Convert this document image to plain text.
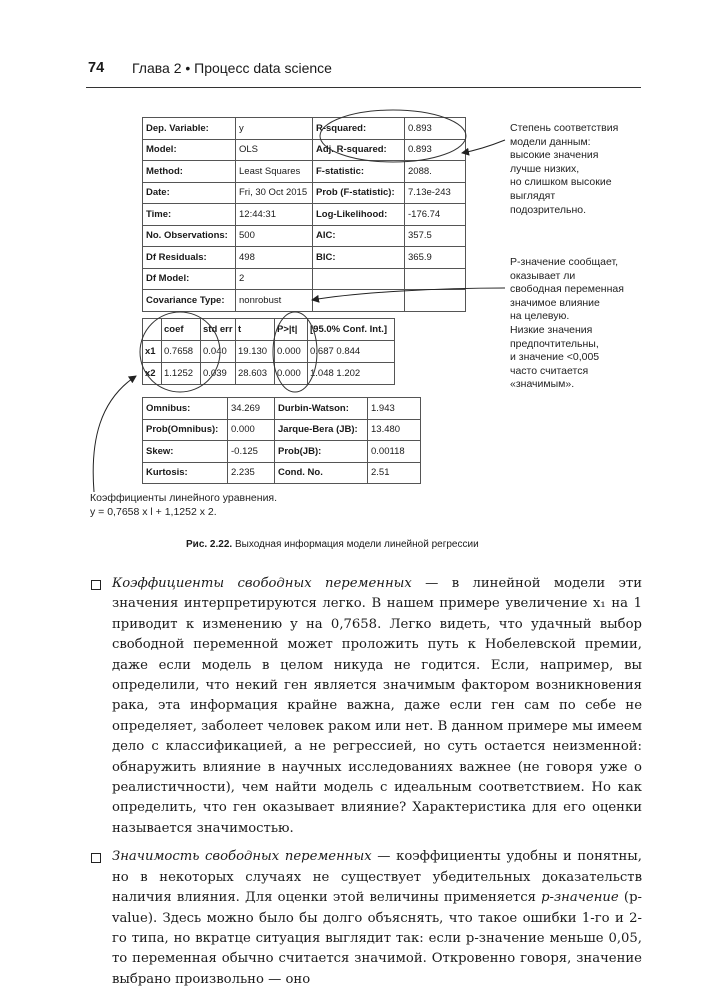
74 Глава 2 • Процесс data science
Dep. Variable:	y	R-squared:	0.893
Model:	OLS	Adj. R-squared:	0.893
Method:	Least Squares	F-statistic:	2088.
Date:	Fri, 30 Oct 2015	Prob (F-statistic):	7.13e-243
Time:	12:44:31	Log-Likelihood:	-176.74
No. Observations:	500	AIC:	357.5
Df Residuals:	498	BIC:	365.9
Df Model:	2		
Covariance Type:	nonrobust		
	coef	std err	t	P>|t|	[95.0% Conf. Int.]
x1	0.7658	0.040	19.130	0.000	0.687 0.844
x2	1.1252	0.039	28.603	0.000	1.048 1.202
Omnibus:	34.269	Durbin-Watson:	1.943
Prob(Omnibus):	0.000	Jarque-Bera (JB):	13.480
Skew:	-0.125	Prob(JB):	0.00118
Kurtosis:	2.235	Cond. No.	2.51
Степень соответствия
модели данным:
высокие значения
лучше низких,
но слишком высокие
выглядят
подозрительно.
Р-значение сообщает,
оказывает ли
свободная переменная
значимое влияние
на целевую.
Низкие значения
предпочтительны,
и значение <0,005
часто считается
«значимым».
Коэффициенты линейного уравнения.
y = 0,7658 x l + 1,1252 x 2.
Рис. 2.22. Выходная информация модели линейной регрессии
Коэффициенты свободных переменных — в линейной модели эти значения интерпретируются легко. В нашем примере увеличение x₁ на 1 приводит к изменению y на 0,7658. Легко видеть, что удачный выбор свободной переменной может проложить путь к Нобелевской премии, даже если модель в целом никуда не годится. Если, например, вы определили, что некий ген является значимым фактором возникновения рака, эта информация крайне важна, даже если ген сам по себе не определяет, заболеет человек раком или нет. В данном примере мы имеем дело с классификацией, а не регрессией, но суть остается неизменной: обнаружить влияние в научных исследованиях важнее (не говоря уже о реалистичности), чем найти модель с идеальным соответствием. Но как определить, что ген оказывает влияние? Характеристика для его оценки называется значимостью.
Значимость свободных переменных — коэффициенты удобны и понятны, но в некоторых случаях не существует убедительных доказательств наличия влияния. Для оценки этой величины применяется p-значение (p-value). Здесь можно было бы долго объяснять, что такое ошибки 1-го и 2-го типа, но вкратце ситуация выглядит так: если p-значение меньше 0,05, то переменная обычно считается значимой. Откровенно говоря, значение выбрано произвольно — оно
